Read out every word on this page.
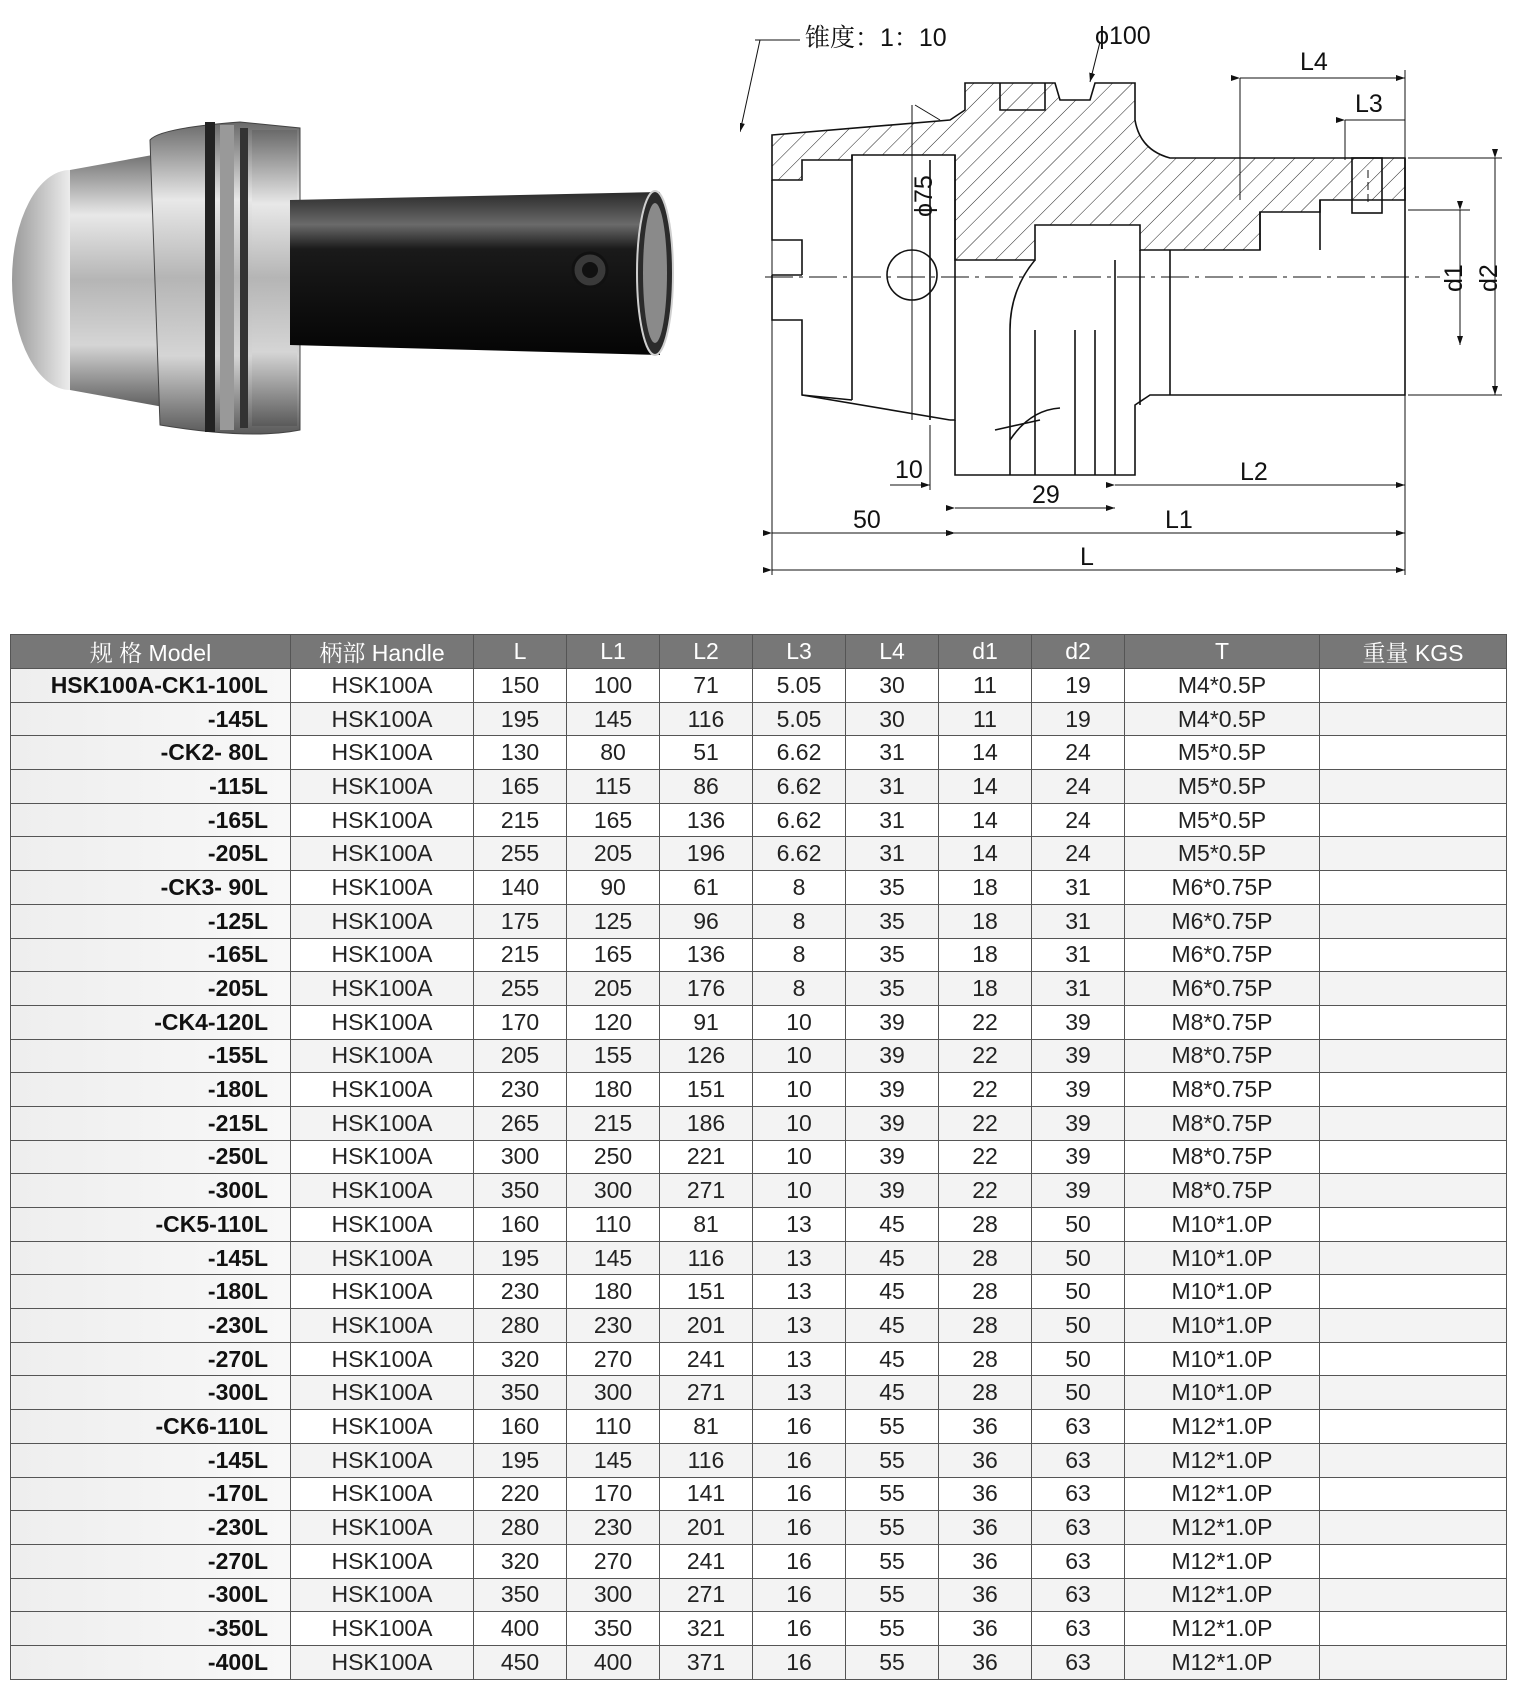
锥度：1：10	ϕ100
ϕ75
L4
L3
d1 d2
10
29
L2
50	L1
L
规 格 Model	柄部 Handle	L	L1	L2	L3	L4	d1	d2	T	重量 KGS
HSK100A-CK1-100L	HSK100A	150	100	71	5.05	30	11	19	M4*0.5P	
-145L	HSK100A	195	145	116	5.05	30	11	19	M4*0.5P	
-CK2- 80L	HSK100A	130	80	51	6.62	31	14	24	M5*0.5P	
-115L	HSK100A	165	115	86	6.62	31	14	24	M5*0.5P	
-165L	HSK100A	215	165	136	6.62	31	14	24	M5*0.5P	
-205L	HSK100A	255	205	196	6.62	31	14	24	M5*0.5P	
-CK3- 90L	HSK100A	140	90	61	8	35	18	31	M6*0.75P	
-125L	HSK100A	175	125	96	8	35	18	31	M6*0.75P	
-165L	HSK100A	215	165	136	8	35	18	31	M6*0.75P	
-205L	HSK100A	255	205	176	8	35	18	31	M6*0.75P	
-CK4-120L	HSK100A	170	120	91	10	39	22	39	M8*0.75P	
-155L	HSK100A	205	155	126	10	39	22	39	M8*0.75P	
-180L	HSK100A	230	180	151	10	39	22	39	M8*0.75P	
-215L	HSK100A	265	215	186	10	39	22	39	M8*0.75P	
-250L	HSK100A	300	250	221	10	39	22	39	M8*0.75P	
-300L	HSK100A	350	300	271	10	39	22	39	M8*0.75P	
-CK5-110L	HSK100A	160	110	81	13	45	28	50	M10*1.0P	
-145L	HSK100A	195	145	116	13	45	28	50	M10*1.0P	
-180L	HSK100A	230	180	151	13	45	28	50	M10*1.0P	
-230L	HSK100A	280	230	201	13	45	28	50	M10*1.0P	
-270L	HSK100A	320	270	241	13	45	28	50	M10*1.0P	
-300L	HSK100A	350	300	271	13	45	28	50	M10*1.0P	
-CK6-110L	HSK100A	160	110	81	16	55	36	63	M12*1.0P	
-145L	HSK100A	195	145	116	16	55	36	63	M12*1.0P	
-170L	HSK100A	220	170	141	16	55	36	63	M12*1.0P	
-230L	HSK100A	280	230	201	16	55	36	63	M12*1.0P	
-270L	HSK100A	320	270	241	16	55	36	63	M12*1.0P	
-300L	HSK100A	350	300	271	16	55	36	63	M12*1.0P	
-350L	HSK100A	400	350	321	16	55	36	63	M12*1.0P	
-400L	HSK100A	450	400	371	16	55	36	63	M12*1.0P	
